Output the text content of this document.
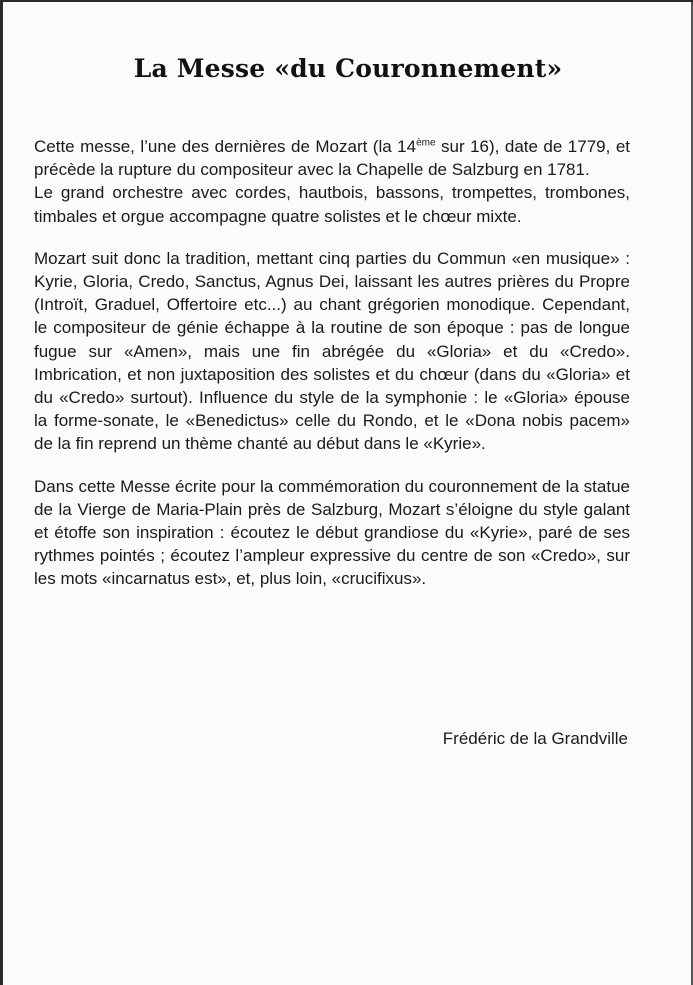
La Messe «du Couronnement»

Cette messe, l’une des dernières de Mozart (la 14ème sur 16), date de 1779, et précède la rupture du compositeur avec la Chapelle de Salzburg en 1781.
Le grand orchestre avec cordes, hautbois, bassons, trompettes, trombones, timbales et orgue accompagne quatre solistes et le chœur mixte.

Mozart suit donc la tradition, mettant cinq parties du Commun «en musique» : Kyrie, Gloria, Credo, Sanctus, Agnus Dei, laissant les autres prières du Propre (Introït, Graduel, Offertoire etc...) au chant grégorien monodique. Cependant, le compositeur de génie échappe à la routine de son époque : pas de longue fugue sur «Amen», mais une fin abrégée du «Gloria» et du «Credo». Imbrication, et non juxtaposition des solistes et du chœur (dans du «Gloria» et du «Credo» surtout). Influence du style de la symphonie : le «Gloria» épouse la forme-sonate, le «Benedictus» celle du Rondo, et le «Dona nobis pacem» de la fin reprend un thème chanté au début dans le «Kyrie».

Dans cette Messe écrite pour la commémoration du couronnement de la statue de la Vierge de Maria-Plain près de Salzburg, Mozart s’éloigne du style galant et étoffe son inspiration : écoutez le début grandiose du «Kyrie», paré de ses rythmes pointés ; écoutez l’ampleur expressive du centre de son «Credo», sur les mots «incarnatus est», et, plus loin, «crucifixus».

Frédéric de la Grandville
